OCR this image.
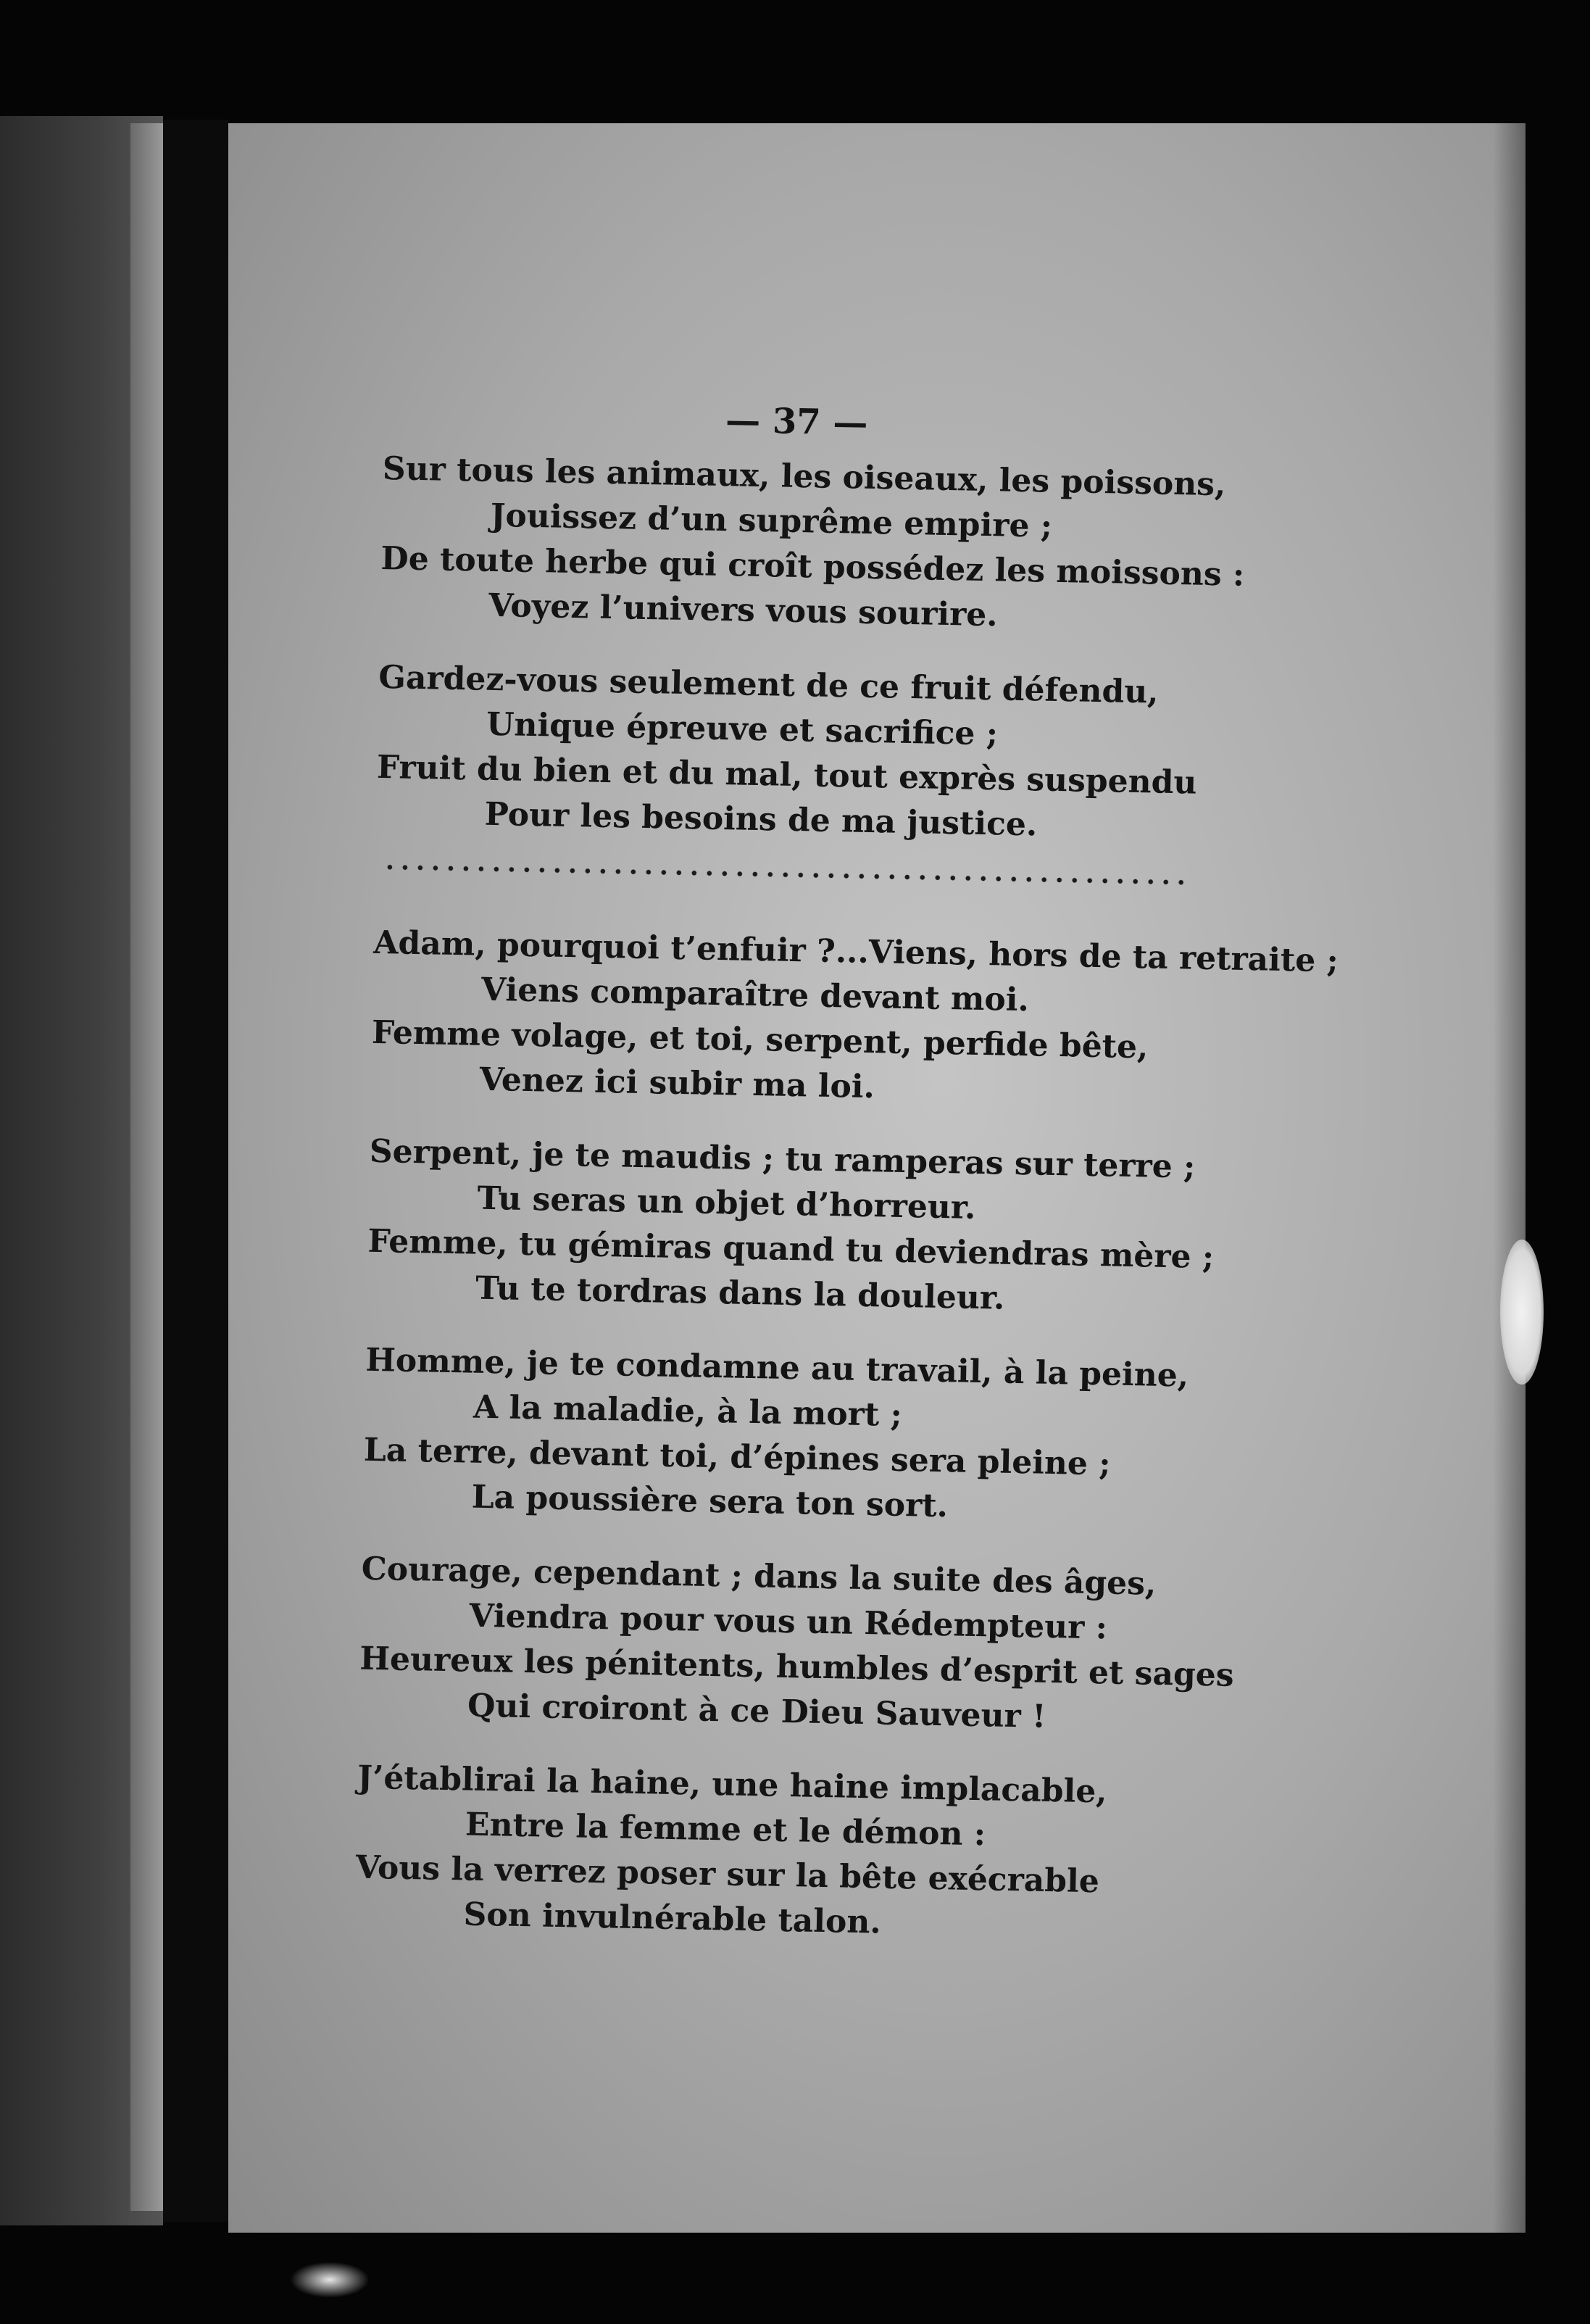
— 37 —
Sur tous les animaux, les oiseaux, les poissons,
Jouissez d’un suprême empire ;
De toute herbe qui croît possédez les moissons :
Voyez l’univers vous sourire.
Gardez-vous seulement de ce fruit défendu,
Unique épreuve et sacrifice ;
Fruit du bien et du mal, tout exprès suspendu
Pour les besoins de ma justice.
Adam, pourquoi t’enfuir ?...Viens, hors de ta retraite ;
Viens comparaître devant moi.
Femme volage, et toi, serpent, perfide bête,
Venez ici subir ma loi.
Serpent, je te maudis ; tu ramperas sur terre ;
Tu seras un objet d’horreur.
Femme, tu gémiras quand tu deviendras mère ;
Tu te tordras dans la douleur.
Homme, je te condamne au travail, à la peine,
A la maladie, à la mort ;
La terre, devant toi, d’épines sera pleine ;
La poussière sera ton sort.
Courage, cependant ; dans la suite des âges,
Viendra pour vous un Rédempteur :
Heureux les pénitents, humbles d’esprit et sages
Qui croiront à ce Dieu Sauveur !
J’établirai la haine, une haine implacable,
Entre la femme et le démon :
Vous la verrez poser sur la bête exécrable
Son invulnérable talon.
